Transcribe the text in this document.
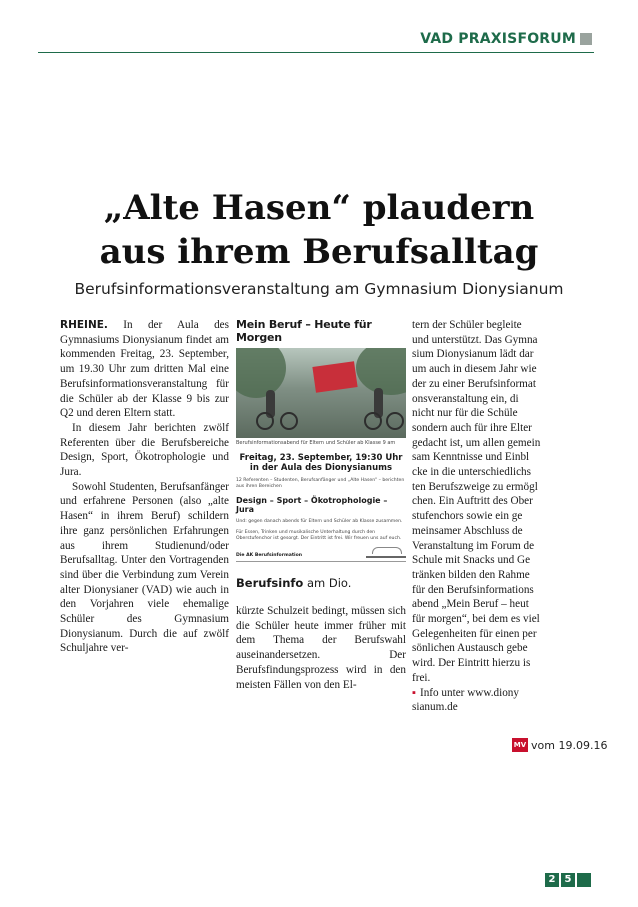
VAD PRAXISFORUM
„Alte Hasen“ plaudern
aus ihrem Berufsalltag
Berufsinformationsveranstaltung am Gymnasium Dionysianum

RHEINE. In der Aula des Gymnasiums Dionysianum findet am kommenden Freitag, 23. September, um 19.30 Uhr zum dritten Mal eine Berufsinformationsveranstaltung für die Schüler ab der Klasse 9 bis zur Q2 und deren Eltern statt.

In diesem Jahr berichten zwölf Referenten über die Berufsbereiche Design, Sport, Ökotrophologie und Jura.

Sowohl Studenten, Berufsanfänger und erfahrene Personen (also „alte Hasen“ in ihrem Beruf) schildern ihre ganz persönlichen Erfahrungen aus ihrem Studienund/oder Berufsalltag. Unter den Vortragenden sind über die Verbindung zum Verein alter Dionysianer (VAD) wie auch in den Vorjahren viele ehemalige Schüler des Gymnasium Dionysianum. Durch die auf zwölf Schuljahre ver-

Mein Beruf – Heute für Morgen
Berufsinformationsabend für Eltern und Schüler ab Klasse 9 am
Freitag, 23. September, 19:30 Uhr
in der Aula des Dionysianums
12 Referenten – Studenten, Berufsanfänger und „Alte Hasen“ – berichten aus ihren Bereichen
Design – Sport – Ökotrophologie – Jura
Und: gegen danach abends für Eltern und Schüler ab Klasse zusammen.
Für Essen, Trinken und musikalische Unterhaltung durch den Oberstufenchor ist gesorgt. Der Eintritt ist frei. Wir freuen uns auf euch.
Die AK Berufsinformation
Berufsinfo am Dio.
kürzte Schulzeit bedingt, müssen sich die Schüler heute immer früher mit dem Thema der Berufswahl auseinandersetzen. Der Berufsfindungsprozess wird in den meisten Fällen von den El-
tern der Schüler begleite
und unterstützt. Das Gymna
sium Dionysianum lädt dar
um auch in diesem Jahr wie
der zu einer Berufsinformat
onsveranstaltung ein, di
nicht nur für die Schüle
sondern auch für ihre Elter
gedacht ist, um allen gemein
sam Kenntnisse und Einbl
cke in die unterschiedlichs
ten Berufszweige zu ermögl
chen. Ein Auftritt des Ober
stufenchors sowie ein ge
meinsamer Abschluss de
Veranstaltung im Forum de
Schule mit Snacks und Ge
tränken bilden den Rahme
für den Berufsinformations
abend „Mein Beruf – heut
für morgen“, bei dem es viel
Gelegenheiten für einen per
sönlichen Austausch gebe
wird. Der Eintritt hierzu is
frei.
▪ Info unter www.diony
sianum.de
MV vom 19.09.16
2 5
